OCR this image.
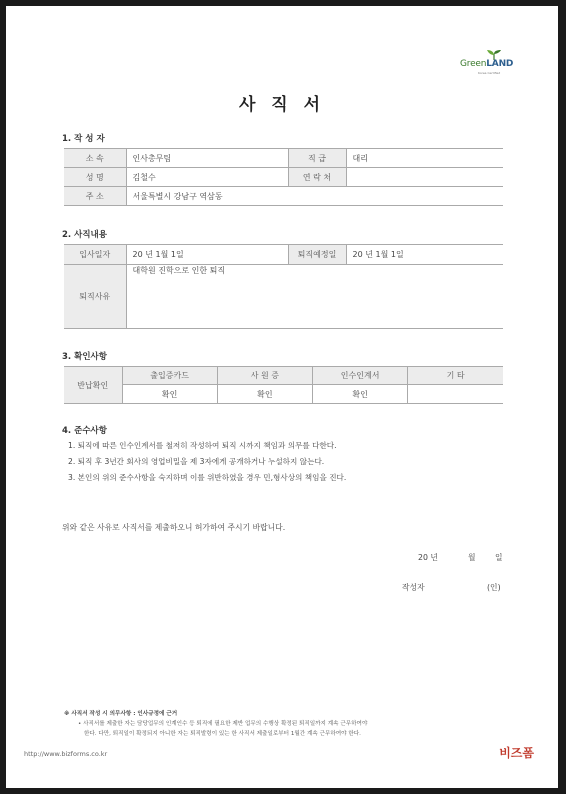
GreenLAND
Korea Certified
사 직 서
1. 작 성 자
소 속	인사총무팀	직 급	대리
성 명	김철수	연 락 처	
주 소	서울특별시 강남구 역삼동		
2. 사직내용
입사일자	20 년 1월 1일	퇴직예정일	20 년 1월 1일
퇴직사유	대학원 진학으로 인한 퇴직		
3. 확인사항
반납확인	출입증카드	사 원 증	인수인계서	기 타
	확인	확인	확인	
4. 준수사항
1. 퇴직에 따른 인수인계서를 철저히 작성하여 퇴직 시까지 책임과 의무를 다한다.
2. 퇴직 후 3년간 회사의 영업비밀을 제 3자에게 공개하거나 누설하지 않는다.
3. 본인의 위의 준수사항을 숙지하며 이를 위반하였을 경우 민,형사상의 책임을 진다.
위와 같은 사유로 사직서를 제출하오니 허가하여 주시기 바랍니다.
20 년	월 일
작성자	(인)
※ 사직서 작성 시 의무사항 : 인사규정에 근거
• 사직서를 제출한 자는 담당업무의 인계인수 등 퇴직에 필요한 제반 업무의 수행상 확정된 퇴직일까지 계속 근무하여야
한다. 다만, 퇴직일이 확정되지 아니한 자는 퇴직발령이 있는 한 사직서 제출일로부터 1월간 계속 근무하여야 한다.
http://www.bizforms.co.kr	비즈폼
